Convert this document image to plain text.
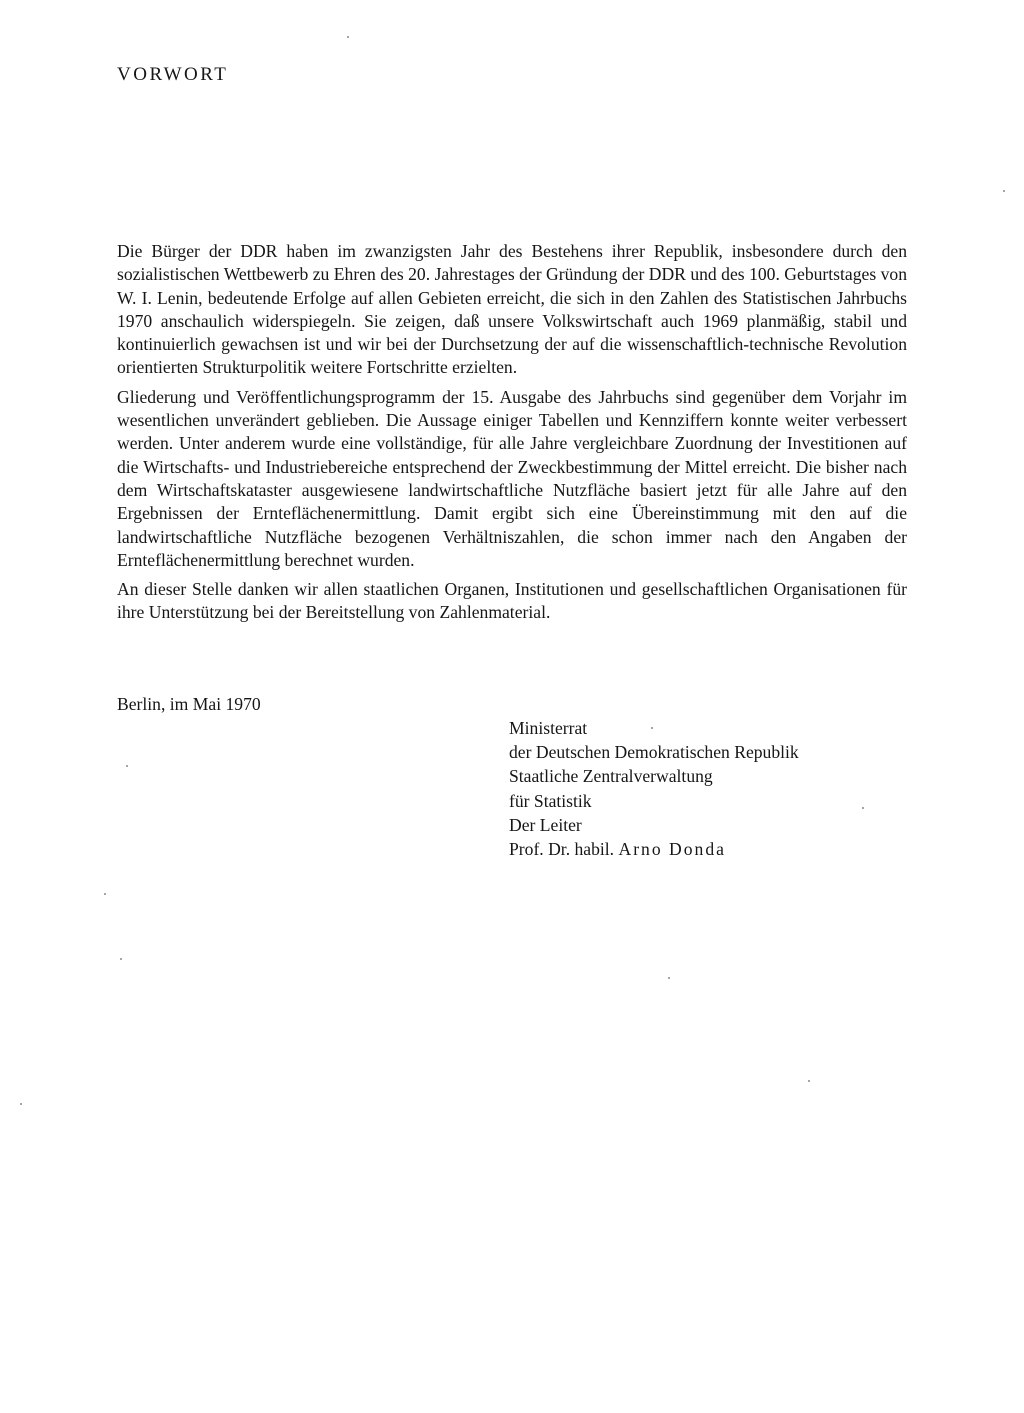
VORWORT

Die Bürger der DDR haben im zwanzigsten Jahr des Bestehens ihrer Republik, insbesondere durch den sozialistischen Wettbewerb zu Ehren des 20. Jahrestages der Gründung der DDR und des 100. Geburtstages von W. I. Lenin, bedeutende Erfolge auf allen Gebieten erreicht, die sich in den Zahlen des Statistischen Jahrbuchs 1970 anschaulich widerspiegeln. Sie zeigen, daß unsere Volkswirtschaft auch 1969 planmäßig, stabil und kontinuierlich gewachsen ist und wir bei der Durchsetzung der auf die wissenschaftlich-technische Revolution orientierten Strukturpolitik weitere Fortschritte erzielten.

Gliederung und Veröffentlichungsprogramm der 15. Ausgabe des Jahrbuchs sind gegenüber dem Vorjahr im wesentlichen unverändert geblieben. Die Aussage einiger Tabellen und Kennziffern konnte weiter verbessert werden. Unter anderem wurde eine vollständige, für alle Jahre vergleichbare Zuordnung der Investitionen auf die Wirtschafts- und Industriebereiche entsprechend der Zweckbestimmung der Mittel erreicht. Die bisher nach dem Wirtschaftskataster ausgewiesene landwirtschaftliche Nutzfläche basiert jetzt für alle Jahre auf den Ergebnissen der Ernteflächenermittlung. Damit ergibt sich eine Übereinstimmung mit den auf die landwirtschaftliche Nutzfläche bezogenen Verhältniszahlen, die schon immer nach den Angaben der Ernteflächenermittlung berechnet wurden.

An dieser Stelle danken wir allen staatlichen Organen, Institutionen und gesellschaftlichen Organisationen für ihre Unterstützung bei der Bereitstellung von Zahlenmaterial.

Berlin, im Mai 1970
Ministerrat
der Deutschen Demokratischen Republik
Staatliche Zentralverwaltung
für Statistik
Der Leiter
Prof. Dr. habil. Arno Donda
